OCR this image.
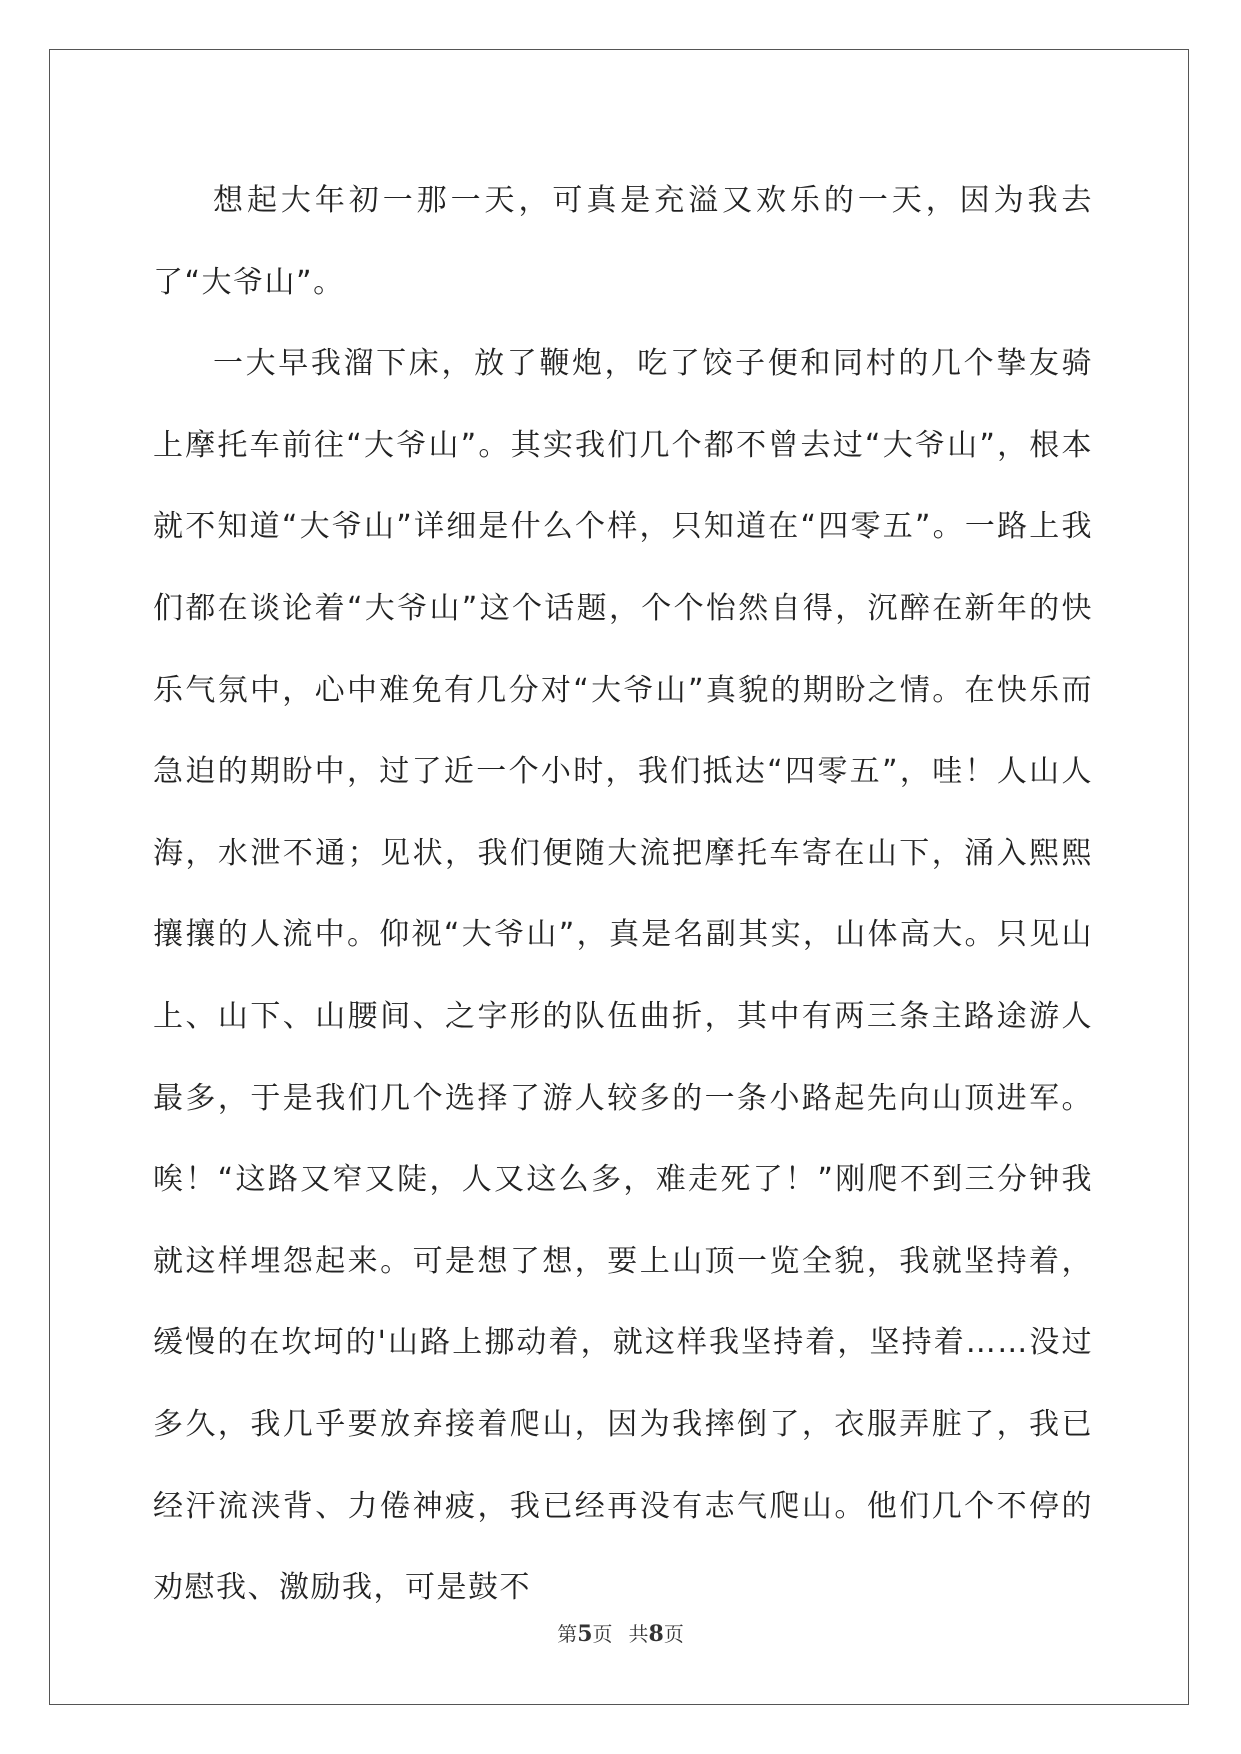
想起大年初一那一天，可真是充溢又欢乐的一天，因为我去了“大爷山”。

一大早我溜下床，放了鞭炮，吃了饺子便和同村的几个挚友骑上摩托车前往“大爷山”。其实我们几个都不曾去过“大爷山”，根本就不知道“大爷山”详细是什么个样，只知道在“四零五”。一路上我们都在谈论着“大爷山”这个话题，个个怡然自得，沉醉在新年的快乐气氛中，心中难免有几分对“大爷山”真貌的期盼之情。在快乐而急迫的期盼中，过了近一个小时，我们抵达“四零五”，哇！人山人海，水泄不通；见状，我们便随大流把摩托车寄在山下，涌入熙熙攘攘的人流中。仰视“大爷山”，真是名副其实，山体高大。只见山上、山下、山腰间、之字形的队伍曲折，其中有两三条主路途游人最多，于是我们几个选择了游人较多的一条小路起先向山顶进军。唉！“这路又窄又陡，人又这么多，难走死了！”刚爬不到三分钟我就这样埋怨起来。可是想了想，要上山顶一览全貌，我就坚持着，缓慢的在坎坷的'山路上挪动着，就这样我坚持着，坚持着……没过多久，我几乎要放弃接着爬山，因为我摔倒了，衣服弄脏了，我已经汗流浃背、力倦神疲，我已经再没有志气爬山。他们几个不停的劝慰我、激励我，可是鼓不

第5页 共8页
